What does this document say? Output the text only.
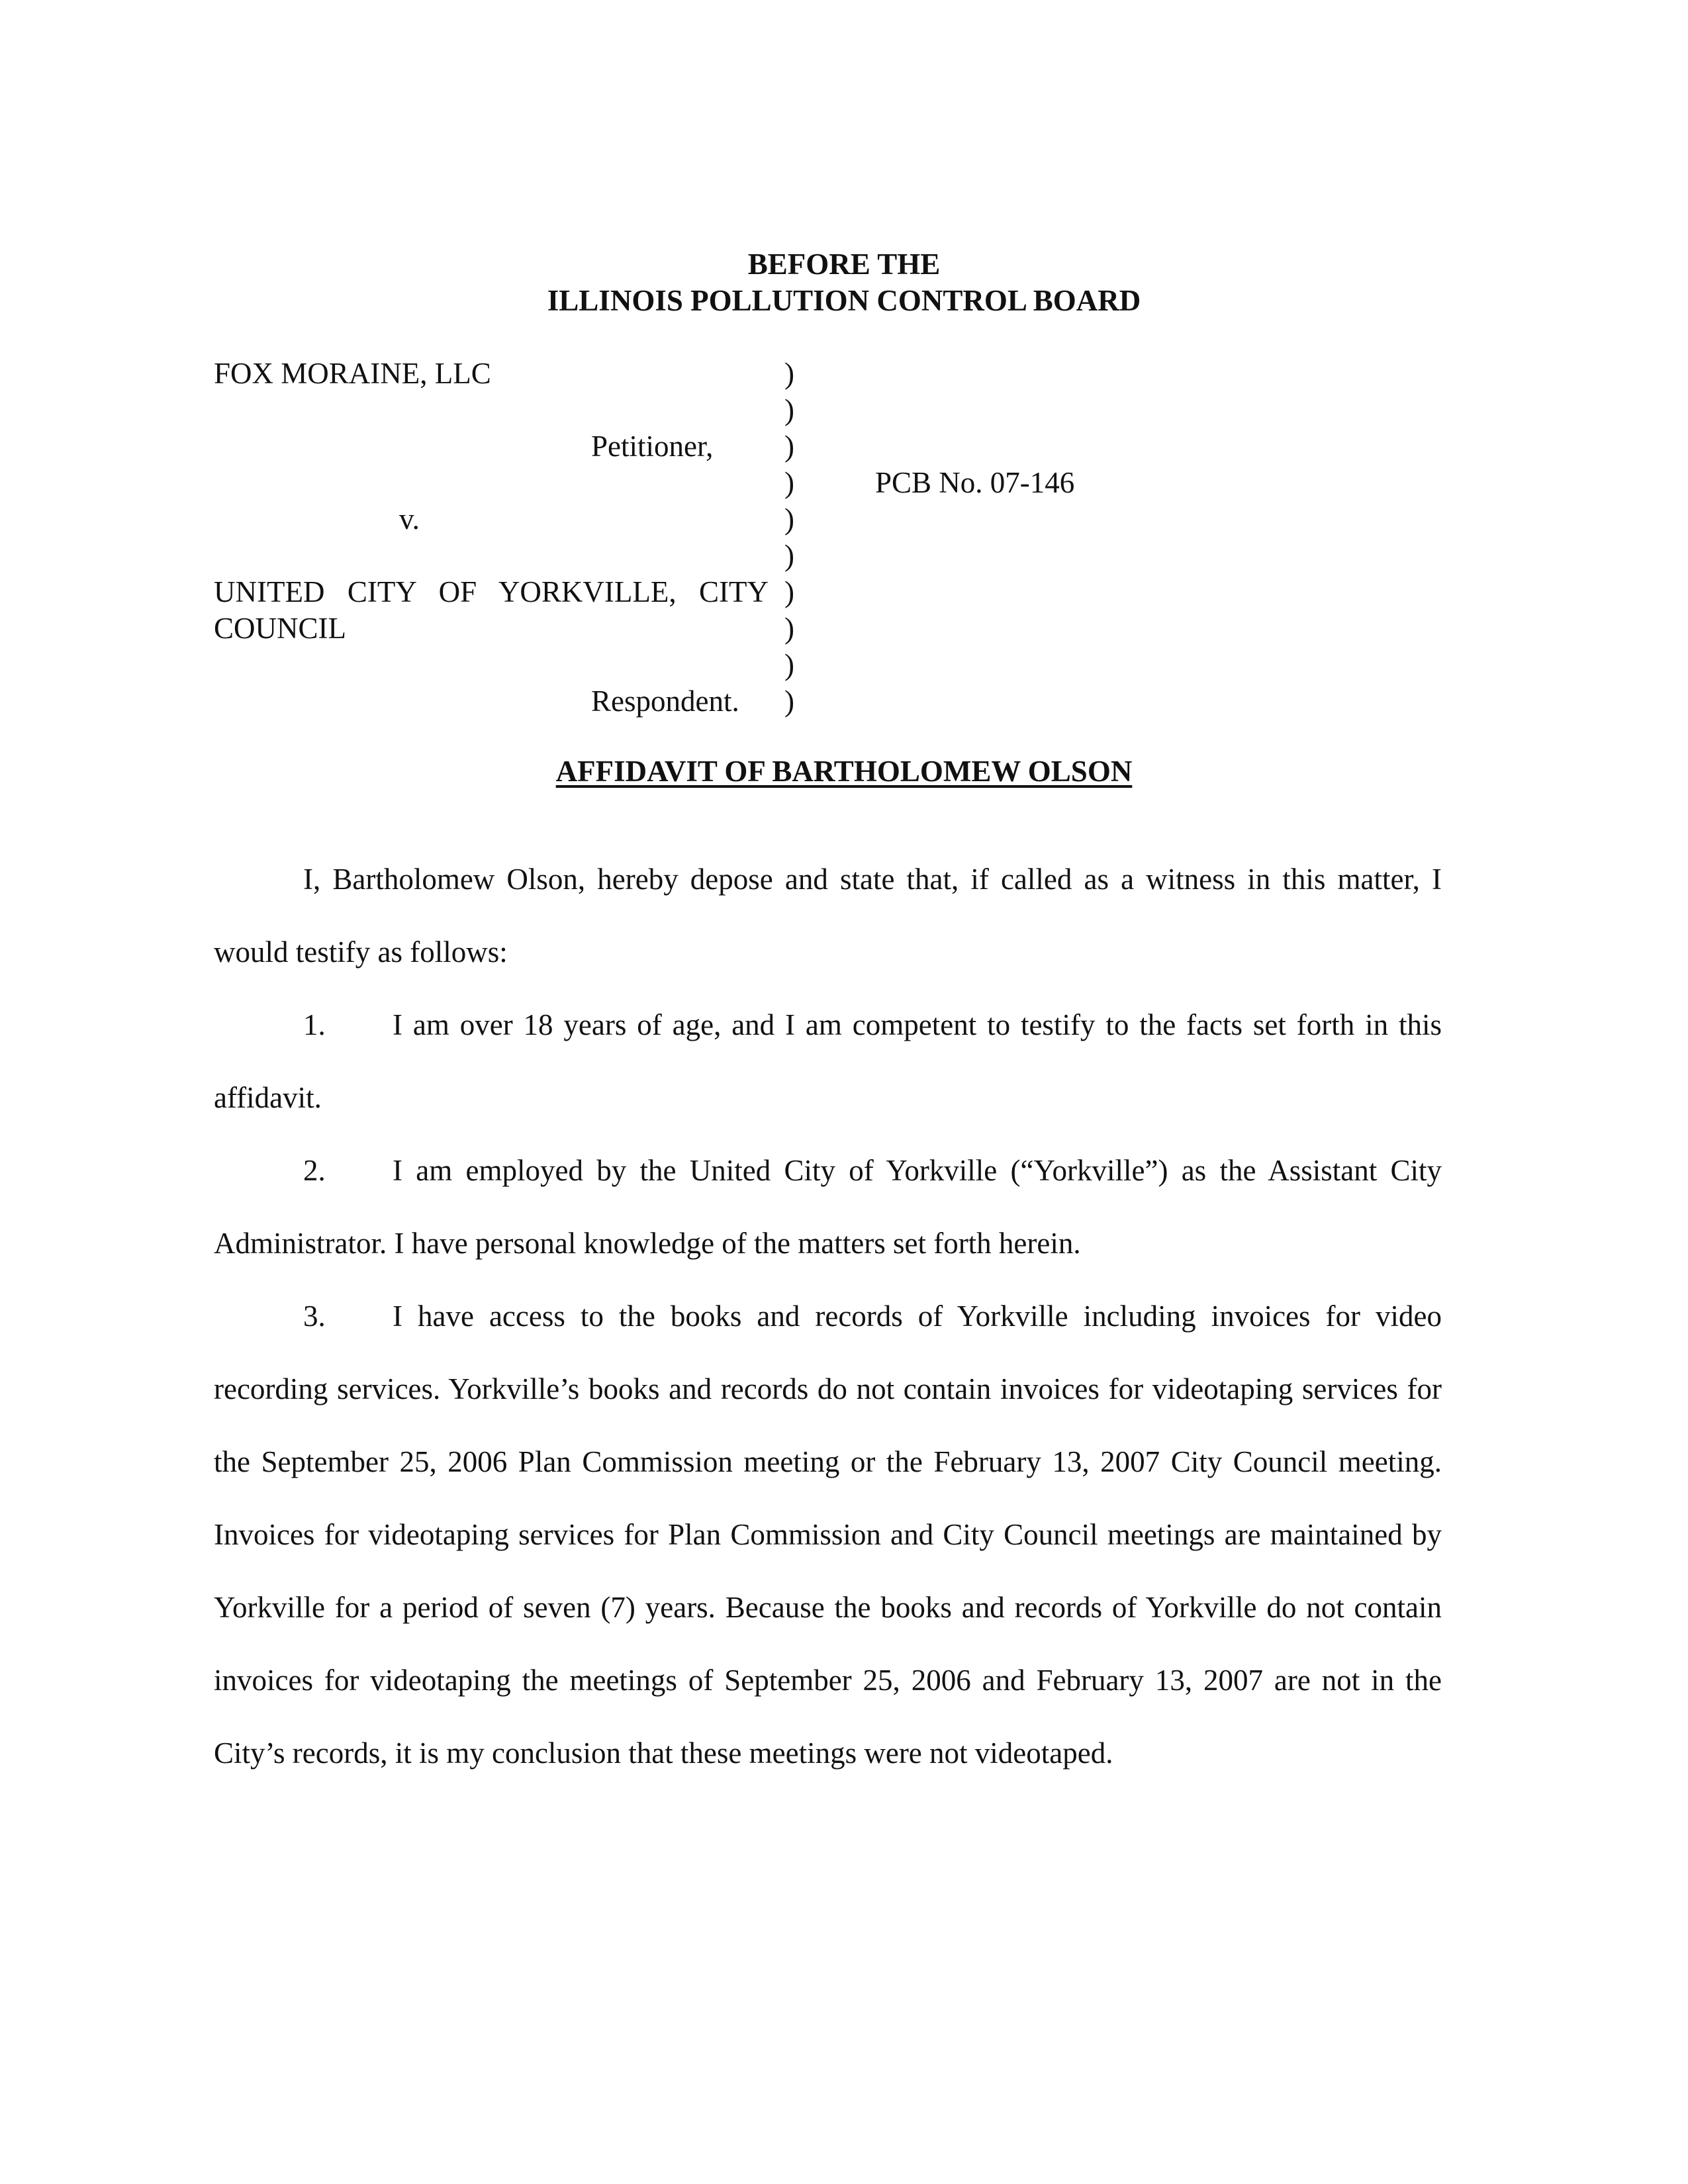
BEFORE THE
ILLINOIS POLLUTION CONTROL BOARD
FOX MORAINE, LLC
Petitioner,
v.
UNITED CITY OF YORKVILLE, CITY
COUNCIL
Respondent.
)
)
)
)
)
)
)
)
)
)
PCB No. 07-146
AFFIDAVIT OF BARTHOLOMEW OLSON
I, Bartholomew Olson, hereby depose and state that, if called as a witness in this matter, I would testify as follows:
1. I am over 18 years of age, and I am competent to testify to the facts set forth in this affidavit.
2. I am employed by the United City of Yorkville (“Yorkville”) as the Assistant City Administrator. I have personal knowledge of the matters set forth herein.
3. I have access to the books and records of Yorkville including invoices for video recording services. Yorkville’s books and records do not contain invoices for videotaping services for the September 25, 2006 Plan Commission meeting or the February 13, 2007 City Council meeting. Invoices for videotaping services for Plan Commission and City Council meetings are maintained by Yorkville for a period of seven (7) years. Because the books and records of Yorkville do not contain invoices for videotaping the meetings of September 25, 2006 and February 13, 2007 are not in the City’s records, it is my conclusion that these meetings were not videotaped.
